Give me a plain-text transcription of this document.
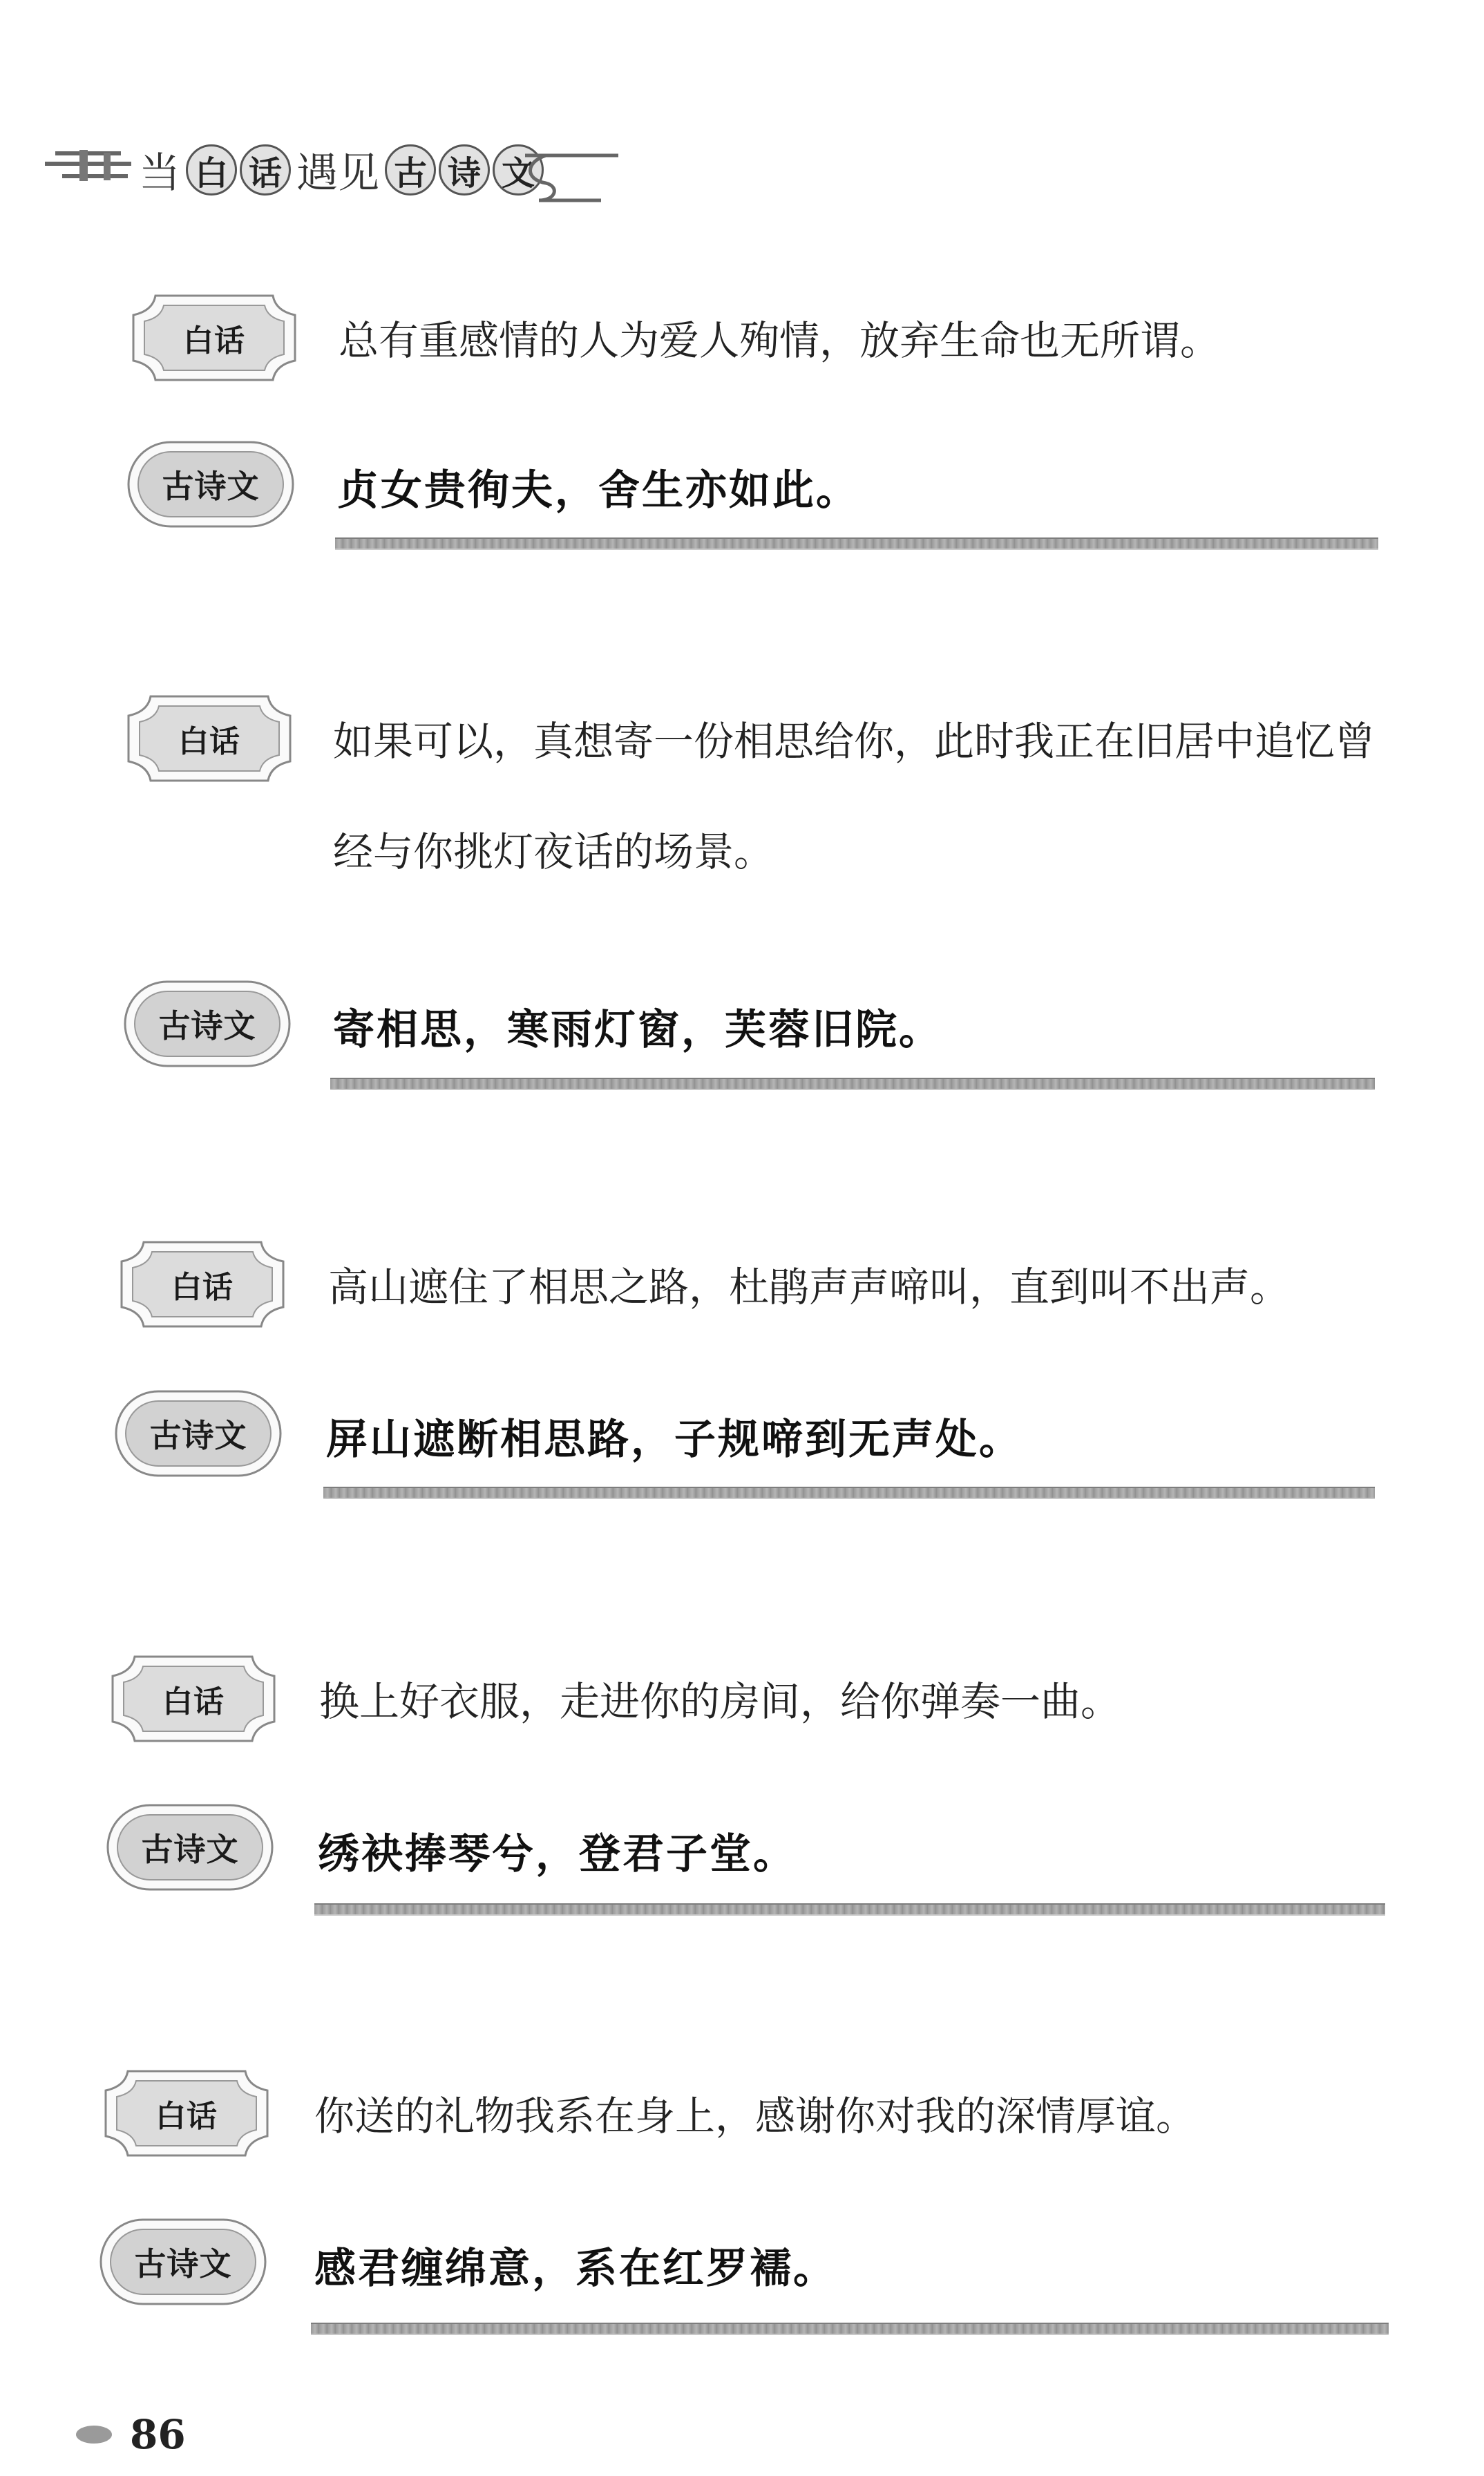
当 白 话 遇见 古 诗 文
白话	总有重感情的人为爱人殉情，放弃生命也无所谓。
古诗文	贞女贵徇夫，舍生亦如此。
白话	如果可以，真想寄一份相思给你，此时我正在旧居中追忆曾经与你挑灯夜话的场景。
古诗文	寄相思，寒雨灯窗，芙蓉旧院。
白话	高山遮住了相思之路，杜鹃声声啼叫，直到叫不出声。
古诗文	屏山遮断相思路，子规啼到无声处。
白话	换上好衣服，走进你的房间，给你弹奏一曲。
古诗文	绣袂捧琴兮，登君子堂。
白话	你送的礼物我系在身上，感谢你对我的深情厚谊。
古诗文	感君缠绵意，系在红罗襦。
86
